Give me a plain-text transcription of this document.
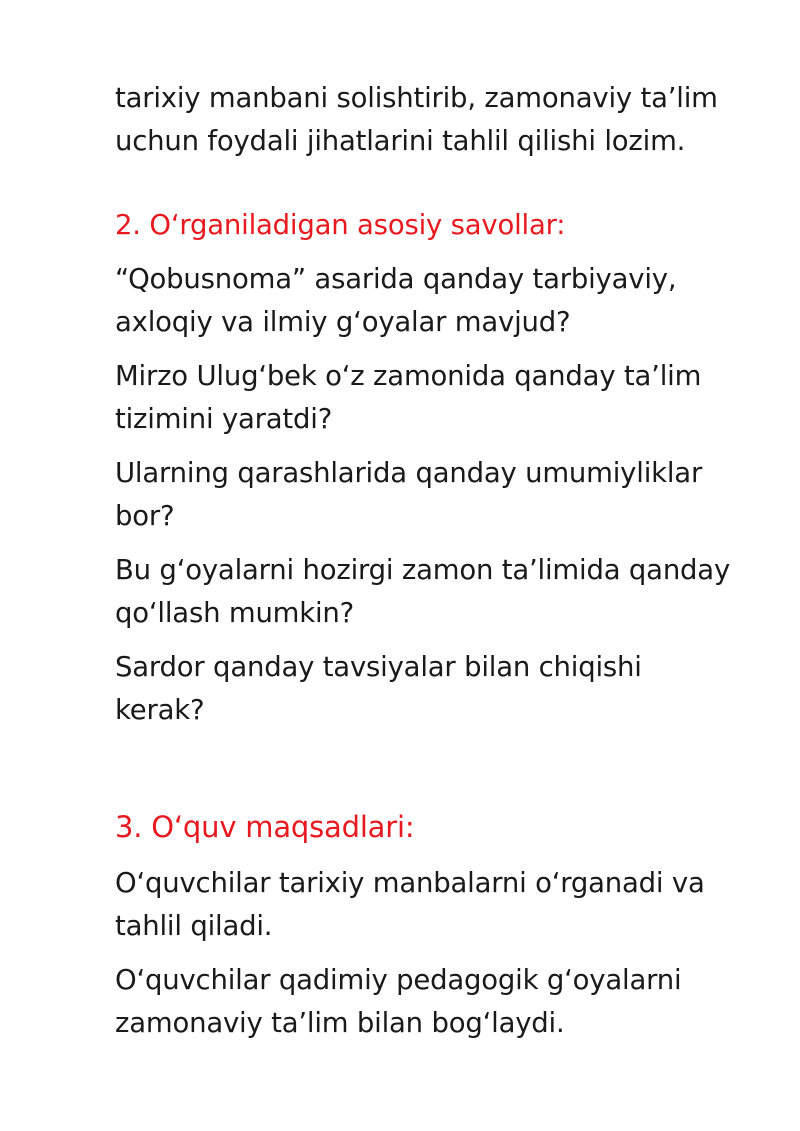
tarixiy manbani solishtirib, zamonaviy ta’lim
uchun foydali jihatlarini tahlil qilishi lozim.
2. O‘rganiladigan asosiy savollar:
“Qobusnoma” asarida qanday tarbiyaviy,
axloqiy va ilmiy g‘oyalar mavjud?
Mirzo Ulug‘bek o‘z zamonida qanday ta’lim
tizimini yaratdi?
Ularning qarashlarida qanday umumiyliklar
bor?
Bu g‘oyalarni hozirgi zamon ta’limida qanday
qo‘llash mumkin?
Sardor qanday tavsiyalar bilan chiqishi
kerak?
3. O‘quv maqsadlari:
O‘quvchilar tarixiy manbalarni o‘rganadi va
tahlil qiladi.
O‘quvchilar qadimiy pedagogik g‘oyalarni
zamonaviy ta’lim bilan bog‘laydi.
